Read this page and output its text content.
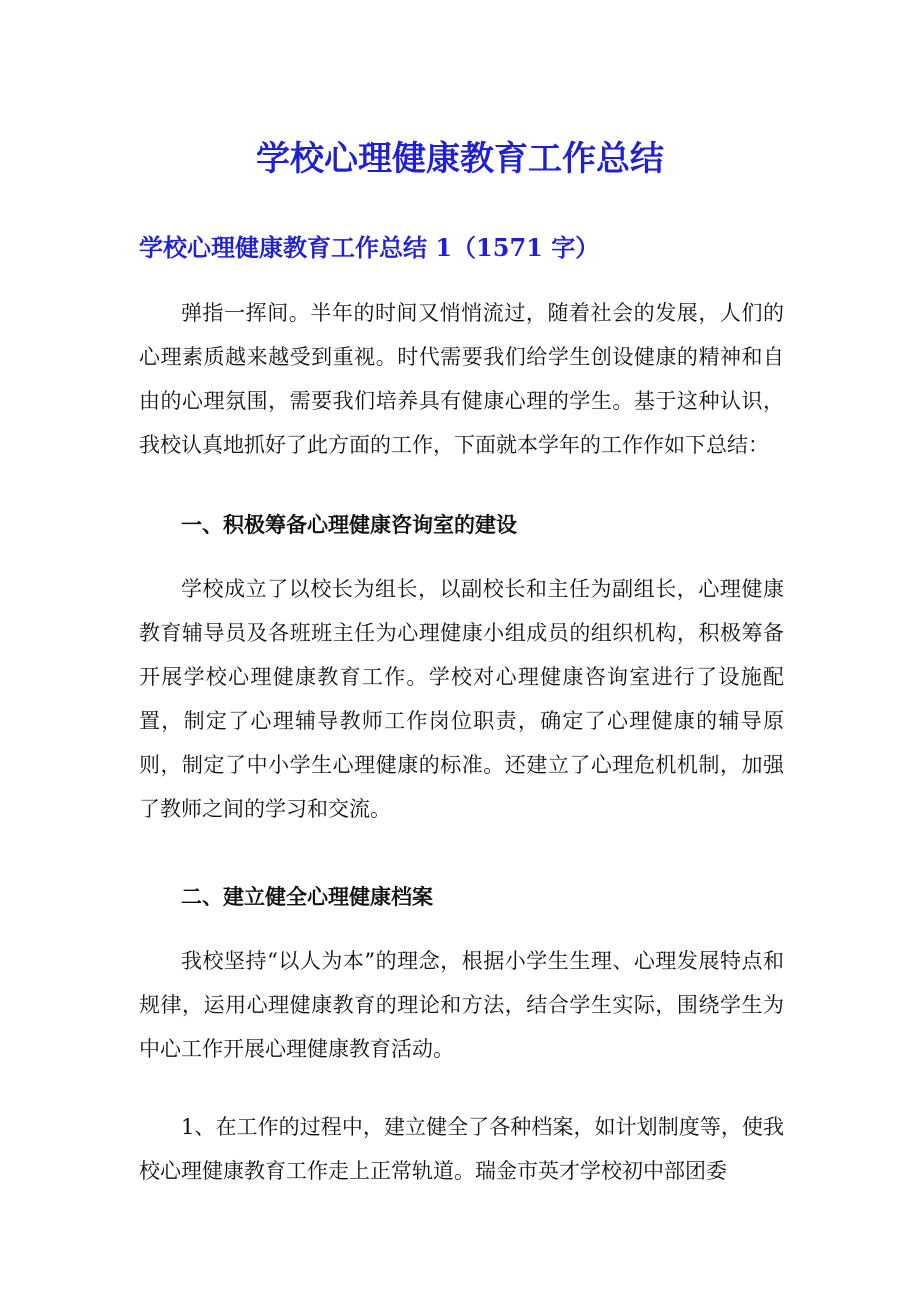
学校心理健康教育工作总结
学校心理健康教育工作总结 1（1571 字）

弹指一挥间。半年的时间又悄悄流过，随着社会的发展，人们的心理素质越来越受到重视。时代需要我们给学生创设健康的精神和自由的心理氛围，需要我们培养具有健康心理的学生。基于这种认识，我校认真地抓好了此方面的工作，下面就本学年的工作作如下总结：

一、积极筹备心理健康咨询室的建设

学校成立了以校长为组长，以副校长和主任为副组长，心理健康教育辅导员及各班班主任为心理健康小组成员的组织机构，积极筹备开展学校心理健康教育工作。学校对心理健康咨询室进行了设施配置，制定了心理辅导教师工作岗位职责，确定了心理健康的辅导原则，制定了中小学生心理健康的标准。还建立了心理危机机制，加强了教师之间的学习和交流。

二、建立健全心理健康档案

我校坚持“以人为本”的理念，根据小学生生理、心理发展特点和规律，运用心理健康教育的理论和方法，结合学生实际，围绕学生为中心工作开展心理健康教育活动。

1、在工作的过程中，建立健全了各种档案，如计划制度等，使我校心理健康教育工作走上正常轨道。瑞金市英才学校初中部团委
